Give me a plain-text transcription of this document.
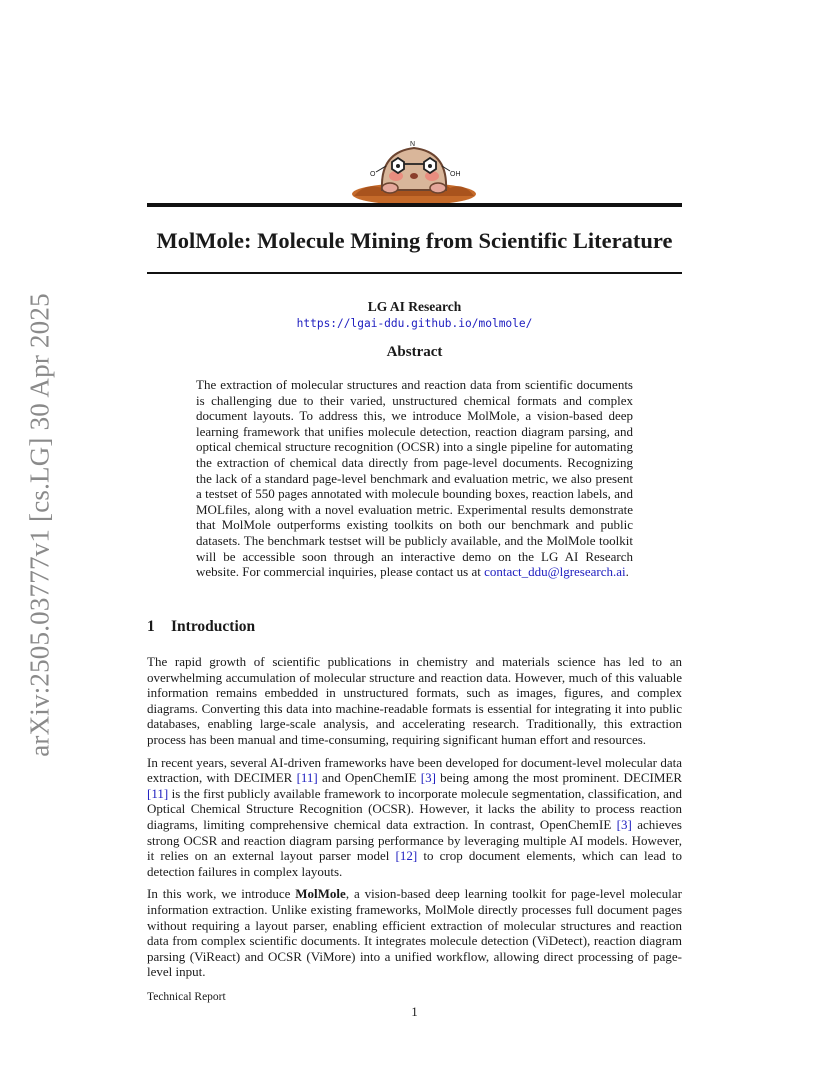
arXiv:2505.03777v1 [cs.LG] 30 Apr 2025
O
N
OH
MolMole: Molecule Mining from Scientific Literature
LG AI Research
https://lgai-ddu.github.io/molmole/
Abstract
The extraction of molecular structures and reaction data from scientific documents is challenging due to their varied, unstructured chemical formats and complex document layouts. To address this, we introduce MolMole, a vision-based deep learning framework that unifies molecule detection, reaction diagram parsing, and optical chemical structure recognition (OCSR) into a single pipeline for automating the extraction of chemical data directly from page-level documents. Recognizing the lack of a standard page-level benchmark and evaluation metric, we also present a testset of 550 pages annotated with molecule bounding boxes, reaction labels, and MOLfiles, along with a novel evaluation metric. Experimental results demonstrate that MolMole outperforms existing toolkits on both our benchmark and public datasets. The benchmark testset will be publicly available, and the MolMole toolkit will be accessible soon through an interactive demo on the LG AI Research website. For commercial inquiries, please contact us at contact_ddu@lgresearch.ai.
1 Introduction

The rapid growth of scientific publications in chemistry and materials science has led to an overwhelming accumulation of molecular structure and reaction data. However, much of this valuable information remains embedded in unstructured formats, such as images, figures, and complex diagrams. Converting this data into machine-readable formats is essential for integrating it into public databases, enabling large-scale analysis, and accelerating research. Traditionally, this extraction process has been manual and time-consuming, requiring significant human effort and resources.

In recent years, several AI-driven frameworks have been developed for document-level molecular data extraction, with DECIMER [11] and OpenChemIE [3] being among the most prominent. DECIMER [11] is the first publicly available framework to incorporate molecule segmentation, classification, and Optical Chemical Structure Recognition (OCSR). However, it lacks the ability to process reaction diagrams, limiting comprehensive chemical data extraction. In contrast, OpenChemIE [3] achieves strong OCSR and reaction diagram parsing performance by leveraging multiple AI models. However, it relies on an external layout parser model [12] to crop document elements, which can lead to detection failures in complex layouts.

In this work, we introduce MolMole, a vision-based deep learning toolkit for page-level molecular information extraction. Unlike existing frameworks, MolMole directly processes full document pages without requiring a layout parser, enabling efficient extraction of molecular structures and reaction data from complex scientific documents. It integrates molecule detection (ViDetect), reaction diagram parsing (ViReact) and OCSR (ViMore) into a unified workflow, allowing direct processing of page-level input.

Technical Report
1
